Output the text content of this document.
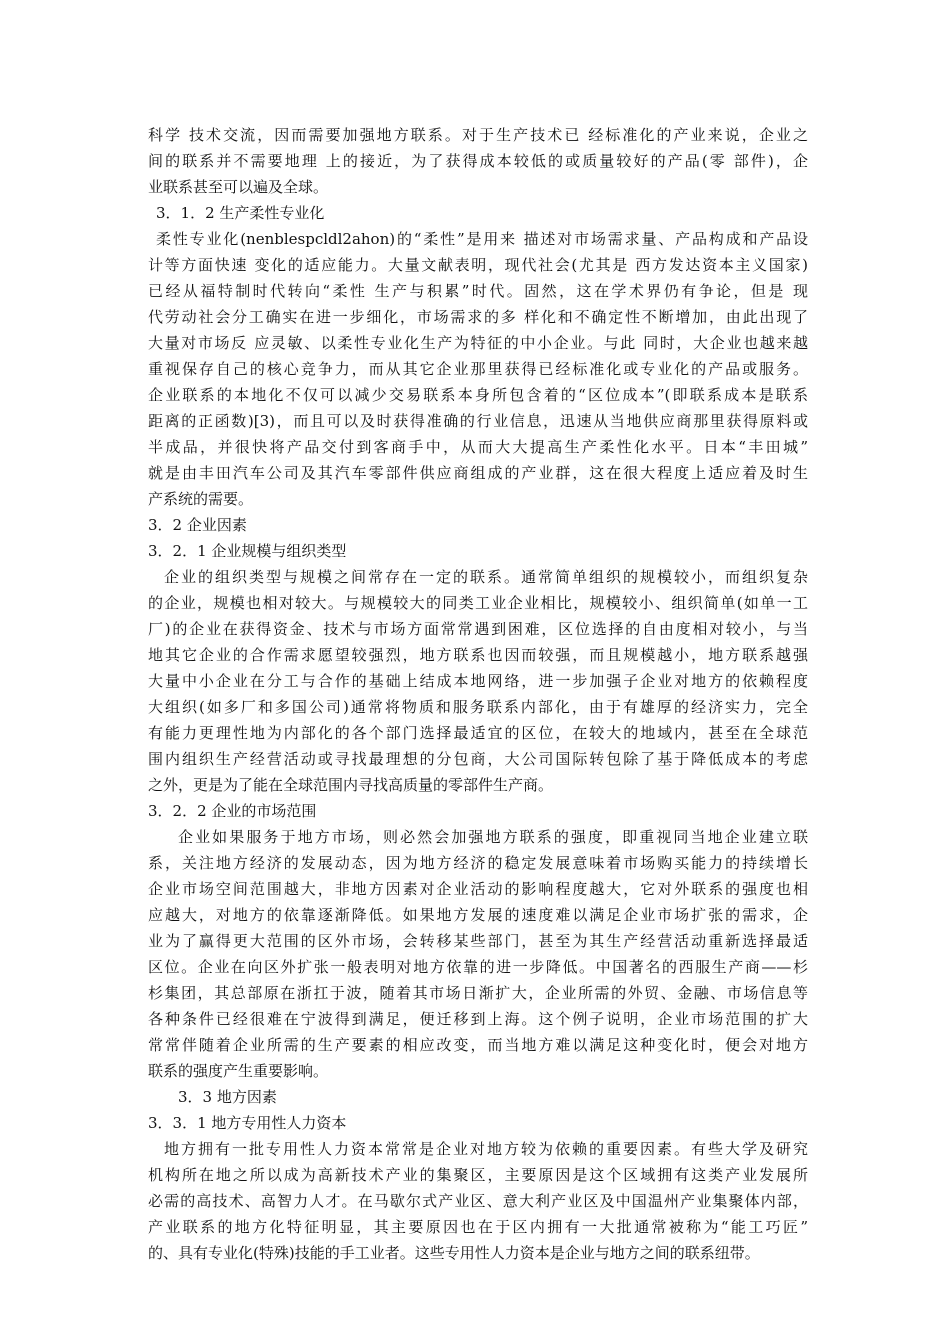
科学 技术交流，因而需要加强地方联系。对于生产技术已 经标准化的产业来说，企业之
间的联系并不需要地理 上的接近，为了获得成本较低的或质量较好的产品(零 部件)，企
业联系甚至可以遍及全球。
3．1．2 生产柔性专业化
柔性专业化(nenblespcldl2ahon)的“柔性”是用来 描述对市场需求量、产品构成和产品设
计等方面快速 变化的适应能力。大量文献表明，现代社会(尤其是 西方发达资本主义国家)
已经从福特制时代转向“柔性 生产与积累”时代。固然，这在学术界仍有争论，但是 现
代劳动社会分工确实在进一步细化，市场需求的多 样化和不确定性不断增加，由此出现了
大量对市场反 应灵敏、以柔性专业化生产为特征的中小企业。与此 同时，大企业也越来越
重视保存自己的核心竞争力，而从其它企业那里获得已经标准化或专业化的产品或服务。
企业联系的本地化不仅可以减少交易联系本身所包含着的“区位成本”(即联系成本是联系
距离的正函数)[3)，而且可以及时获得准确的行业信息，迅速从当地供应商那里获得原料或
半成品，并很快将产品交付到客商手中，从而大大提高生产柔性化水平。日本“丰田城”
就是由丰田汽车公司及其汽车零部件供应商组成的产业群，这在很大程度上适应着及时生
产系统的需要。
3．2 企业因素
3．2．1 企业规模与组织类型
企业的组织类型与规模之间常存在一定的联系。通常简单组织的规模较小，而组织复杂
的企业，规模也相对较大。与规模较大的同类工业企业相比，规模较小、组织简单(如单一工
厂)的企业在获得资金、技术与市场方面常常遇到困难，区位选择的自由度相对较小，与当
地其它企业的合作需求愿望较强烈，地方联系也因而较强，而且规模越小，地方联系越强
大量中小企业在分工与合作的基础上结成本地网络，进一步加强子企业对地方的依赖程度
大组织(如多厂和多国公司)通常将物质和服务联系内部化，由于有雄厚的经济实力，完全
有能力更理性地为内部化的各个部门选择最适宜的区位，在较大的地域内，甚至在全球范
围内组织生产经营活动或寻找最理想的分包商，大公司国际转包除了基于降低成本的考虑
之外，更是为了能在全球范围内寻找高质量的零部件生产商。
3．2．2 企业的市场范围
企业如果服务于地方市场，则必然会加强地方联系的强度，即重视同当地企业建立联
系，关注地方经济的发展动态，因为地方经济的稳定发展意味着市场购买能力的持续增长
企业市场空间范围越大，非地方因素对企业活动的影响程度越大，它对外联系的强度也相
应越大，对地方的依靠逐渐降低。如果地方发展的速度难以满足企业市场扩张的需求，企
业为了赢得更大范围的区外市场，会转移某些部门，甚至为其生产经营活动重新选择最适
区位。企业在向区外扩张一般表明对地方依靠的进一步降低。中国著名的西服生产商——杉
杉集团，其总部原在浙扛于波，随着其市场日渐扩大，企业所需的外贸、金融、市场信息等
各种条件已经很难在宁波得到满足，便迁移到上海。这个例子说明，企业市场范围的扩大
常常伴随着企业所需的生产要素的相应改变，而当地方难以满足这种变化时，便会对地方
联系的强度产生重要影响。
3．3 地方因素
3．3．1 地方专用性人力资本
地方拥有一批专用性人力资本常常是企业对地方较为依赖的重要因素。有些大学及研究
机构所在地之所以成为高新技术产业的集聚区，主要原因是这个区域拥有这类产业发展所
必需的高技术、高智力人才。在马歇尔式产业区、意大利产业区及中国温州产业集聚体内部，
产业联系的地方化特征明显，其主要原因也在于区内拥有一大批通常被称为“能工巧匠”
的、具有专业化(特殊)技能的手工业者。这些专用性人力资本是企业与地方之间的联系纽带。
